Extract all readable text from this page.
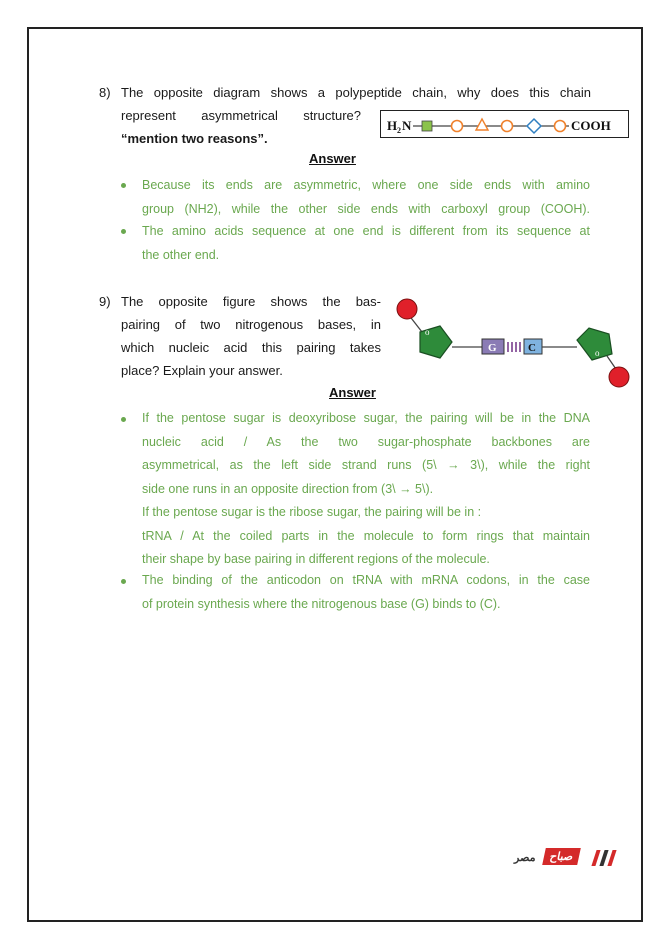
8) The opposite diagram shows a polypeptide chain, why does this chain

represent asymmetrical structure?

“mention two reasons”.

H 2 N	COOH
Answer

Because its ends are asymmetric, where one side ends with amino

group (NH2), while the other side ends with carboxyl group (COOH).

The amino acids sequence at one end is different from its sequence at

the other end.

9) The opposite figure shows the bas-

pairing of two nitrogenous bases, in

which nucleic acid this pairing takes

place? Explain your answer.

o
G	C	o
Answer

If the pentose sugar is deoxyribose sugar, the pairing will be in the DNA

nucleic acid / As the two sugar-phosphate backbones are

asymmetrical, as the left side strand runs (5\ → 3\), while the right

side one runs in an opposite direction from (3\ → 5\).

If the pentose sugar is the ribose sugar, the pairing will be in :

tRNA / At the coiled parts in the molecule to form rings that maintain

their shape by base pairing in different regions of the molecule.

The binding of the anticodon on tRNA with mRNA codons, in the case

of protein synthesis where the nitrogenous base (G) binds to (C).

مصر	صباح
